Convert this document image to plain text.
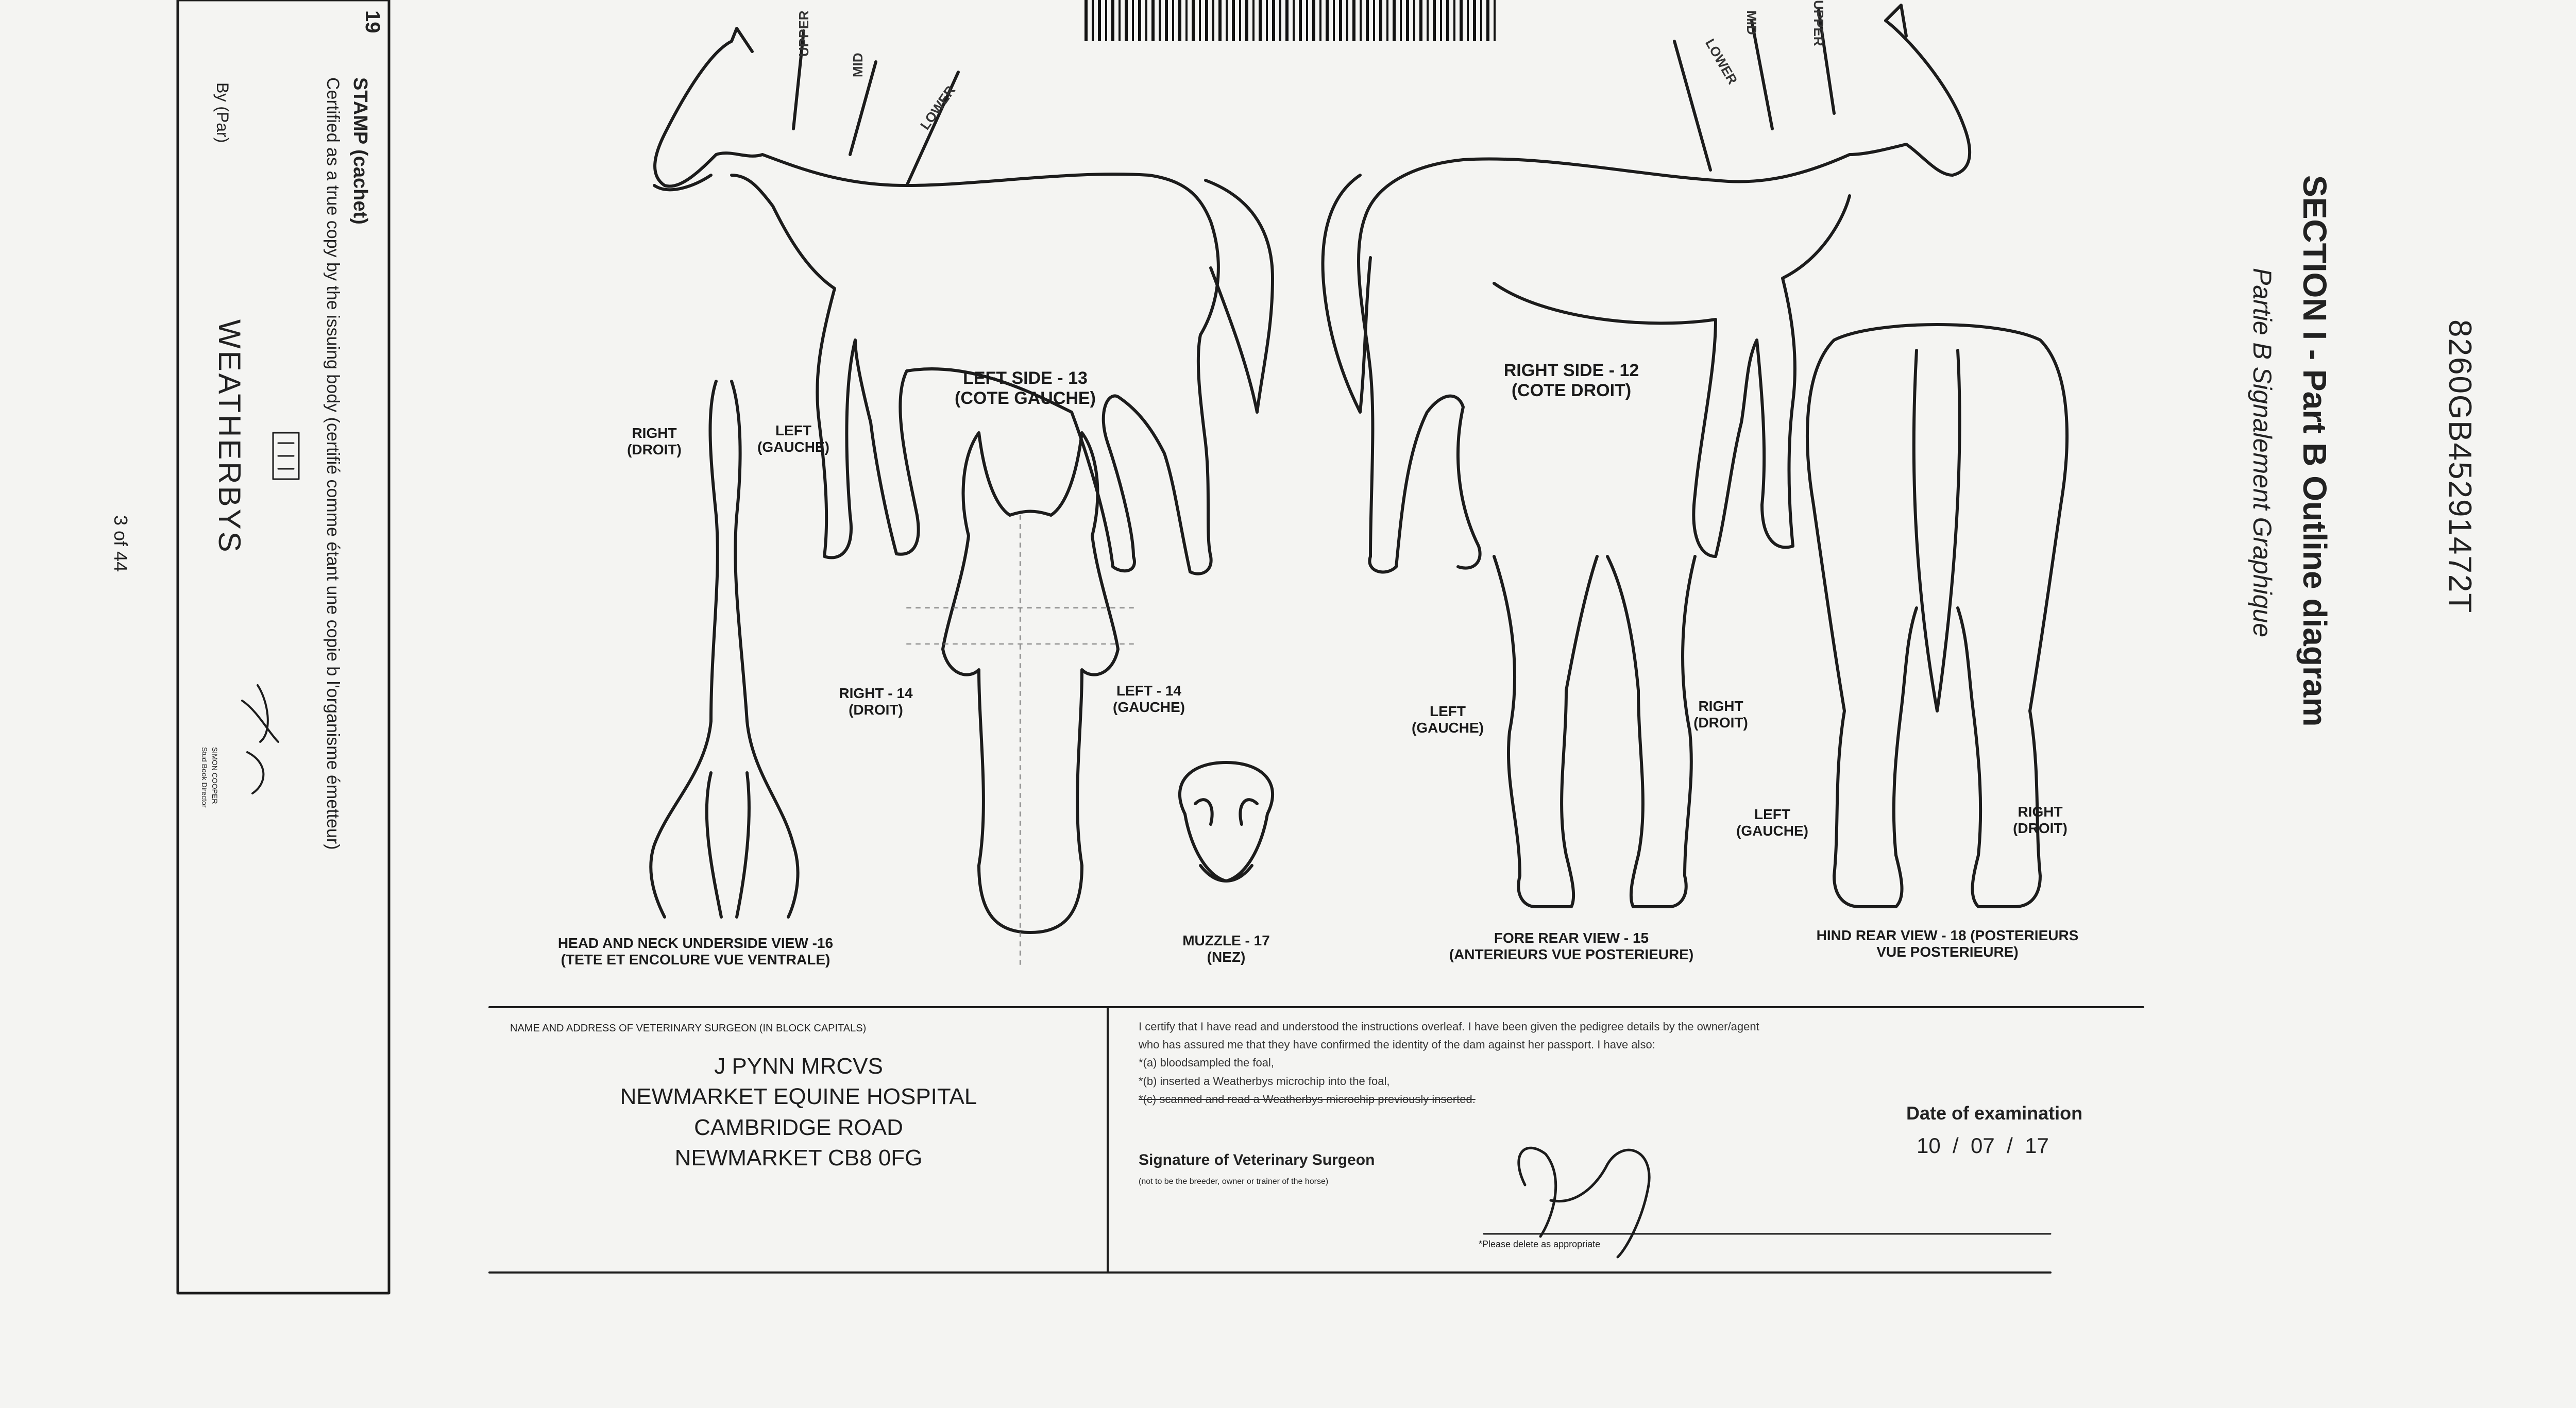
19
STAMP (cachet)
Certified as a true copy by the issuing body (certifié comme étant une copie b l'organisme émetteur)
By (Par)
WEATHERBYS
SIMON COOPER
Stud Book Director
3 of 44	8260GB45291472T
SECTION I - Part B Outline diagram
Partie B Signalement Graphique
UPPER
MID
LOWER
LOWER
MID	UPPER
LEFT SIDE - 13
(COTE GAUCHE)
RIGHT SIDE - 12
(COTE DROIT)
RIGHT
(DROIT)
LEFT
(GAUCHE)
RIGHT - 14
(DROIT)
LEFT - 14
(GAUCHE)	LEFT
(GAUCHE)
RIGHT
(DROIT)
LEFT
(GAUCHE)
RIGHT
(DROIT)
HEAD AND NECK UNDERSIDE VIEW -16
(TETE ET ENCOLURE VUE VENTRALE)
MUZZLE - 17
(NEZ)
FORE REAR VIEW - 15
(ANTERIEURS VUE POSTERIEURE)
HIND REAR VIEW - 18 (POSTERIEURS
VUE POSTERIEURE)
NAME AND ADDRESS OF VETERINARY SURGEON (IN BLOCK CAPITALS)
J PYNN MRCVS
NEWMARKET EQUINE HOSPITAL
CAMBRIDGE ROAD
NEWMARKET CB8 0FG
I certify that I have read and understood the instructions overleaf. I have been given the pedigree details by the owner/agent
who has assured me that they have confirmed the identity of the dam against her passport. I have also:
*(a) bloodsampled the foal,
*(b) inserted a Weatherbys microchip into the foal,
*(c) scanned and read a Weatherbys microchip previously inserted.
Date of examination
10  /  07  /  17
Signature of Veterinary Surgeon
(not to be the breeder, owner or trainer of the horse)
*Please delete as appropriate
